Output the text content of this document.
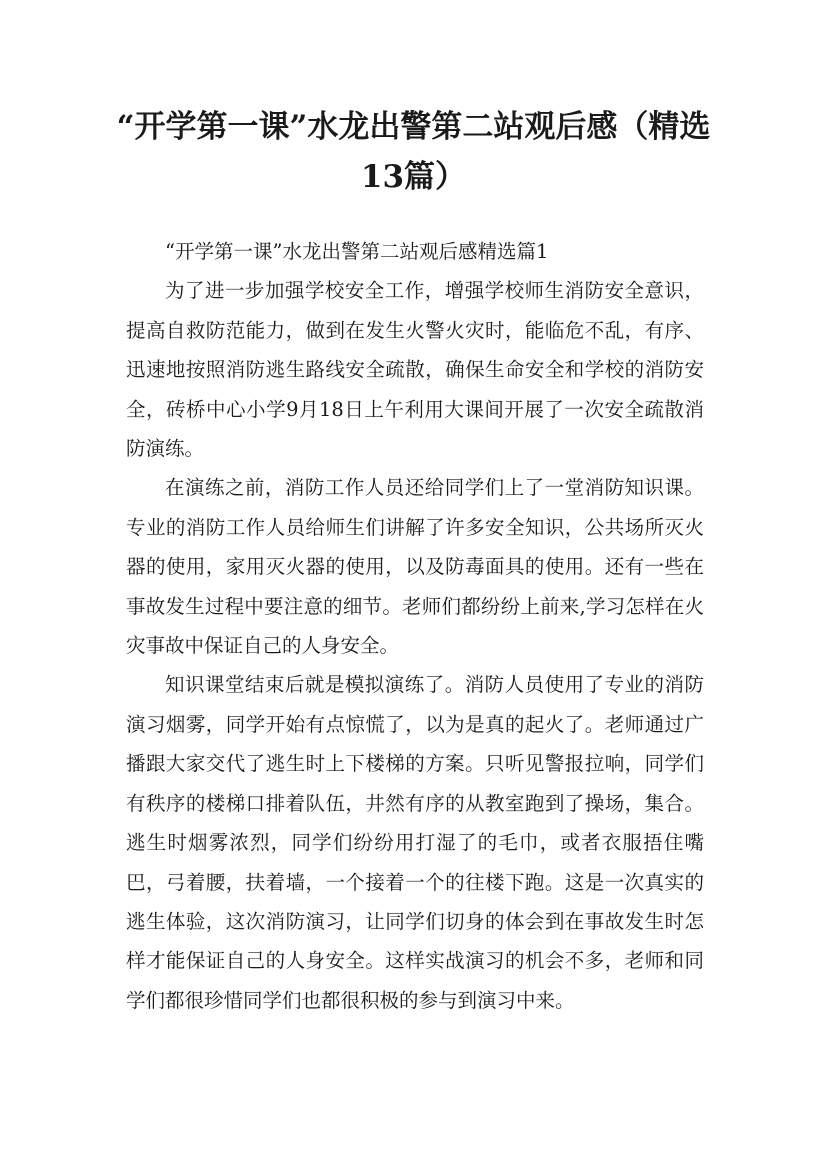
“开学第一课”水龙出警第二站观后感（精选13篇）

“开学第一课”水龙出警第二站观后感精选篇1

为了进一步加强学校安全工作，增强学校师生消防安全意识，提高自救防范能力，做到在发生火警火灾时，能临危不乱，有序、迅速地按照消防逃生路线安全疏散，确保生命安全和学校的消防安全，砖桥中心小学9月18日上午利用大课间开展了一次安全疏散消防演练。

在演练之前，消防工作人员还给同学们上了一堂消防知识课。专业的消防工作人员给师生们讲解了许多安全知识，公共场所灭火器的使用，家用灭火器的使用，以及防毒面具的使用。还有一些在事故发生过程中要注意的细节。老师们都纷纷上前来,学习怎样在火灾事故中保证自己的人身安全。

知识课堂结束后就是模拟演练了。消防人员使用了专业的消防演习烟雾，同学开始有点惊慌了，以为是真的起火了。老师通过广播跟大家交代了逃生时上下楼梯的方案。只听见警报拉响，同学们有秩序的楼梯口排着队伍，井然有序的从教室跑到了操场，集合。逃生时烟雾浓烈，同学们纷纷用打湿了的毛巾，或者衣服捂住嘴巴，弓着腰，扶着墙，一个接着一个的往楼下跑。这是一次真实的逃生体验，这次消防演习，让同学们切身的体会到在事故发生时怎样才能保证自己的人身安全。这样实战演习的机会不多，老师和同学们都很珍惜同学们也都很积极的参与到演习中来。
